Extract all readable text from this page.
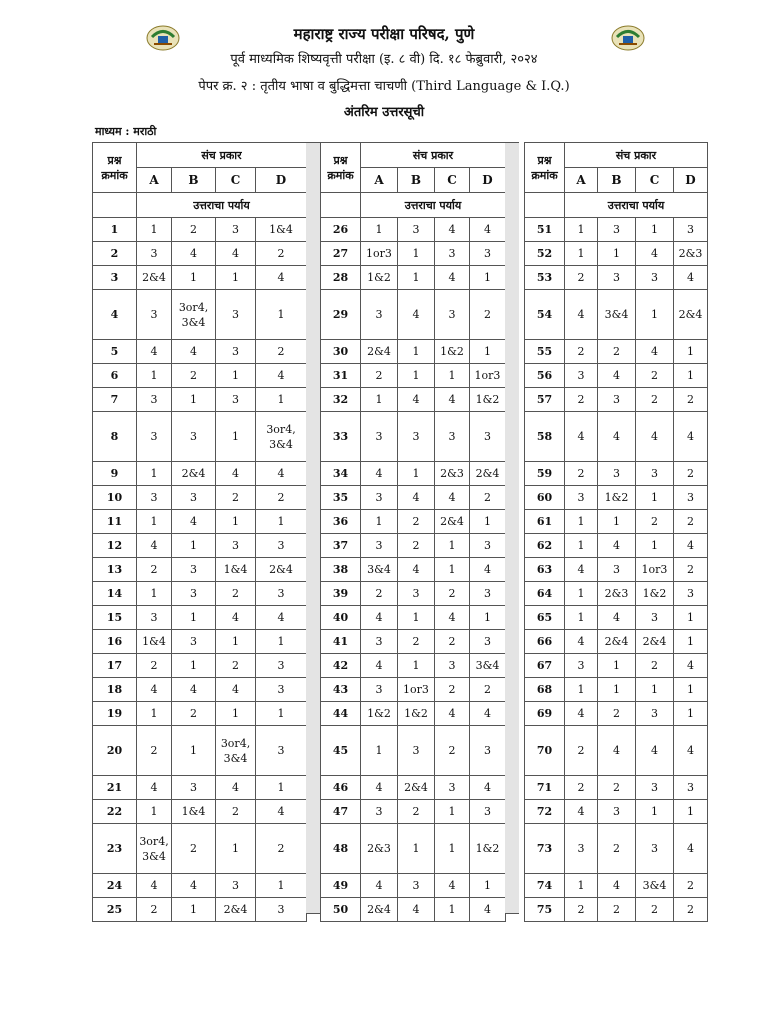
महाराष्ट्र राज्य परीक्षा परिषद, पुणे
पूर्व माध्यमिक शिष्यवृत्ती परीक्षा (इ. ८ वी) दि. १८ फेब्रुवारी, २०२४
पेपर क्र. २ : तृतीय भाषा व बुद्धिमत्ता चाचणी (Third Language & I.Q.)
अंतरिम उत्तरसूची
माध्यम : मराठी
प्रश्न
क्रमांक	संच प्रकार			
	A	B	C	D
	उत्तराचा पर्याय			
1	1	2	3	1&4
2	3	4	4	2
3	2&4	1	1	4
4	3	3or4,
3&4	3	1
5	4	4	3	2
6	1	2	1	4
7	3	1	3	1
8	3	3	1	3or4,
3&4
9	1	2&4	4	4
10	3	3	2	2
11	1	4	1	1
12	4	1	3	3
13	2	3	1&4	2&4
14	1	3	2	3
15	3	1	4	4
16	1&4	3	1	1
17	2	1	2	3
18	4	4	4	3
19	1	2	1	1
20	2	1	3or4,
3&4	3
21	4	3	4	1
22	1	1&4	2	4
23	3or4,
3&4	2	1	2
24	4	4	3	1
25	2	1	2&4	3
प्रश्न
क्रमांक	संच प्रकार			
	A	B	C	D
	उत्तराचा पर्याय			
26	1	3	4	4
27	1or3	1	3	3
28	1&2	1	4	1
29	3	4	3	2
30	2&4	1	1&2	1
31	2	1	1	1or3
32	1	4	4	1&2
33	3	3	3	3
34	4	1	2&3	2&4
35	3	4	4	2
36	1	2	2&4	1
37	3	2	1	3
38	3&4	4	1	4
39	2	3	2	3
40	4	1	4	1
41	3	2	2	3
42	4	1	3	3&4
43	3	1or3	2	2
44	1&2	1&2	4	4
45	1	3	2	3
46	4	2&4	3	4
47	3	2	1	3
48	2&3	1	1	1&2
49	4	3	4	1
50	2&4	4	1	4
प्रश्न
क्रमांक	संच प्रकार			
	A	B	C	D
	उत्तराचा पर्याय			
51	1	3	1	3
52	1	1	4	2&3
53	2	3	3	4
54	4	3&4	1	2&4
55	2	2	4	1
56	3	4	2	1
57	2	3	2	2
58	4	4	4	4
59	2	3	3	2
60	3	1&2	1	3
61	1	1	2	2
62	1	4	1	4
63	4	3	1or3	2
64	1	2&3	1&2	3
65	1	4	3	1
66	4	2&4	2&4	1
67	3	1	2	4
68	1	1	1	1
69	4	2	3	1
70	2	4	4	4
71	2	2	3	3
72	4	3	1	1
73	3	2	3	4
74	1	4	3&4	2
75	2	2	2	2
